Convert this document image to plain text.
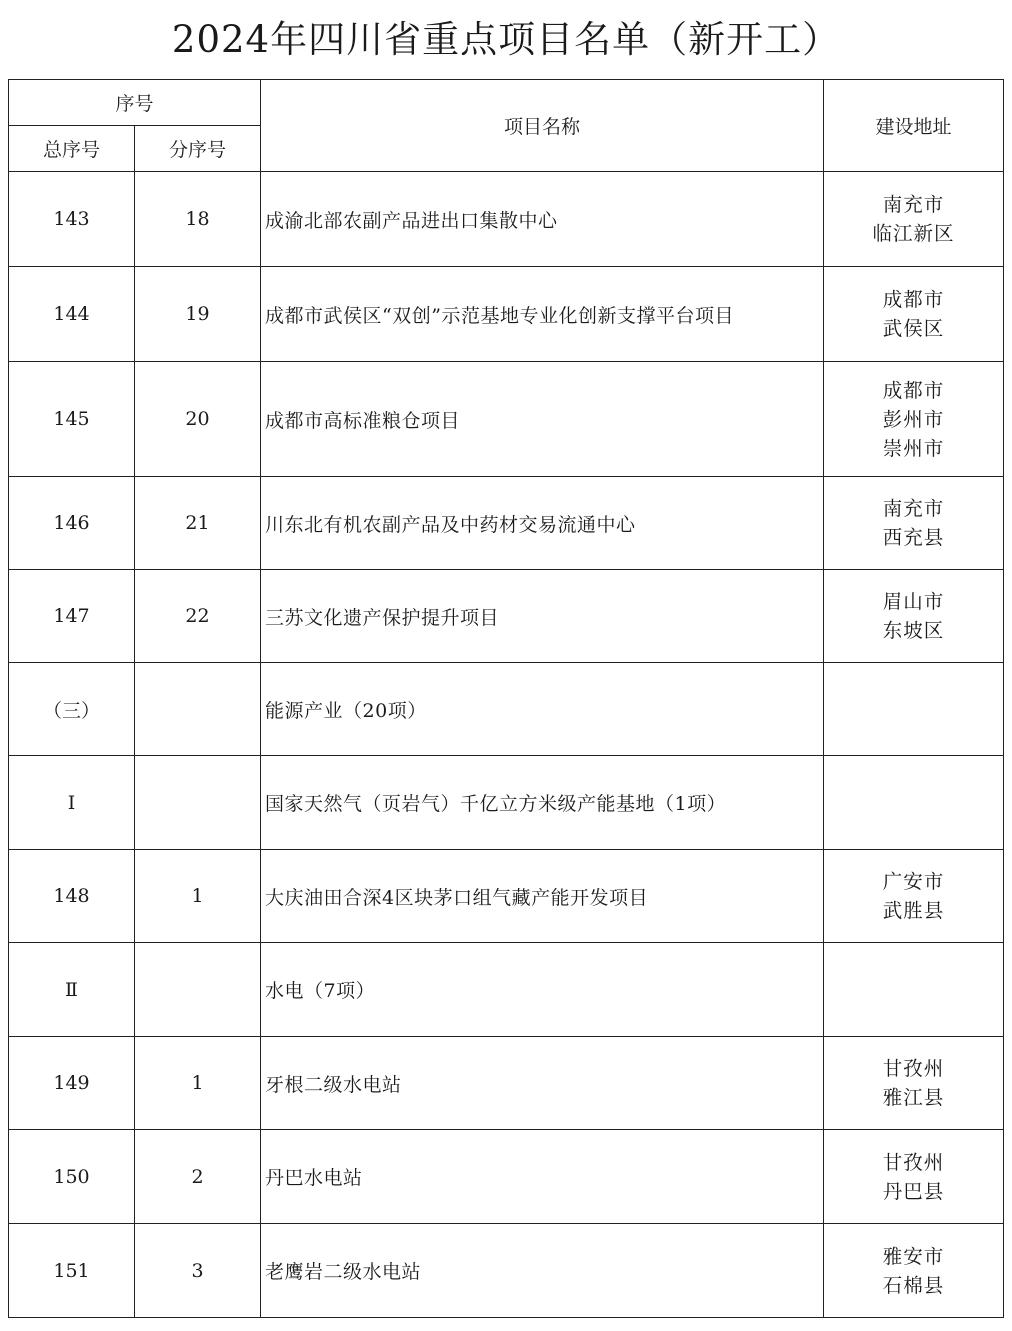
2024年四川省重点项目名单（新开工）
序号		项目名称	建设地址
总序号	分序号		
143	18	成渝北部农副产品进出口集散中心	南充市
临江新区

144	19	成都市武侯区“双创”示范基地专业化创新支撑平台项目	成都市
武侯区

145	20	成都市高标准粮仓项目	成都市
彭州市
崇州市

146	21	川东北有机农副产品及中药材交易流通中心	南充市
西充县

147	22	三苏文化遗产保护提升项目	眉山市
东坡区

（三）		能源产业（20项）	
Ⅰ		国家天然气（页岩气）千亿立方米级产能基地（1项）	
148	1	大庆油田合深4区块茅口组气藏产能开发项目	广安市
武胜县

Ⅱ		水电（7项）	
149	1	牙根二级水电站	甘孜州
雅江县

150	2	丹巴水电站	甘孜州
丹巴县

151	3	老鹰岩二级水电站	雅安市
石棉县
